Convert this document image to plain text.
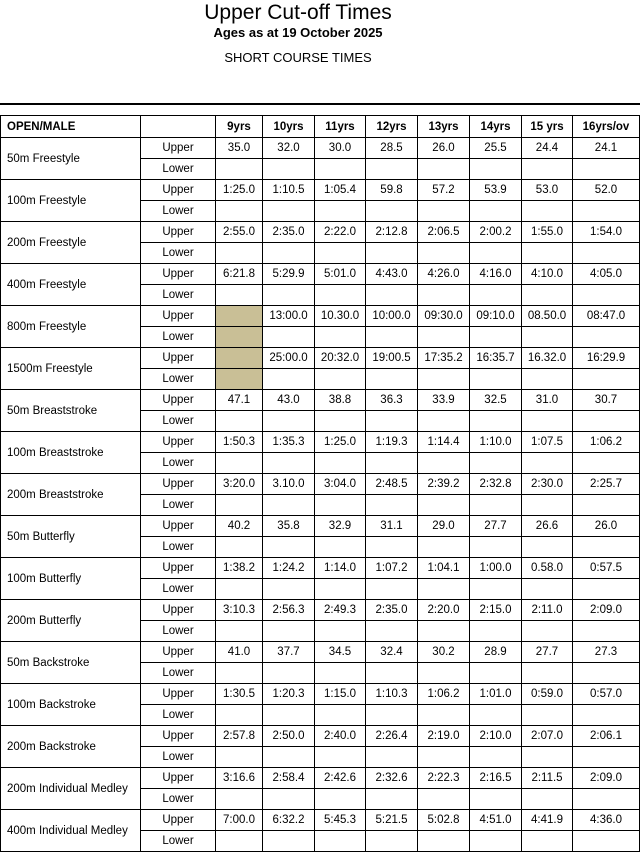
Upper Cut-off Times
Ages as at 19 October 2025
SHORT COURSE TIMES
OPEN/MALE		9yrs	10yrs	11yrs	12yrs	13yrs	14yrs	15 yrs	16yrs/ov
50m Freestyle	Upper	35.0	32.0	30.0	28.5	26.0	25.5	24.4	24.1
	Lower								
100m Freestyle	Upper	1:25.0	1:10.5	1:05.4	59.8	57.2	53.9	53.0	52.0
	Lower								
200m Freestyle	Upper	2:55.0	2:35.0	2:22.0	2:12.8	2:06.5	2:00.2	1:55.0	1:54.0
	Lower								
400m Freestyle	Upper	6:21.8	5:29.9	5:01.0	4:43.0	4:26.0	4:16.0	4:10.0	4:05.0
	Lower								
800m Freestyle	Upper		13:00.0	10.30.0	10:00.0	09:30.0	09:10.0	08.50.0	08:47.0
	Lower								
1500m Freestyle	Upper		25:00.0	20:32.0	19:00.5	17:35.2	16:35.7	16.32.0	16:29.9
	Lower								
50m Breaststroke	Upper	47.1	43.0	38.8	36.3	33.9	32.5	31.0	30.7
	Lower								
100m Breaststroke	Upper	1:50.3	1:35.3	1:25.0	1:19.3	1:14.4	1:10.0	1:07.5	1:06.2
	Lower								
200m Breaststroke	Upper	3:20.0	3.10.0	3:04.0	2:48.5	2:39.2	2:32.8	2:30.0	2:25.7
	Lower								
50m Butterfly	Upper	40.2	35.8	32.9	31.1	29.0	27.7	26.6	26.0
	Lower								
100m Butterfly	Upper	1:38.2	1:24.2	1:14.0	1:07.2	1:04.1	1:00.0	0.58.0	0:57.5
	Lower								
200m Butterfly	Upper	3:10.3	2:56.3	2:49.3	2:35.0	2:20.0	2:15.0	2:11.0	2:09.0
	Lower								
50m Backstroke	Upper	41.0	37.7	34.5	32.4	30.2	28.9	27.7	27.3
	Lower								
100m Backstroke	Upper	1:30.5	1:20.3	1:15.0	1:10.3	1:06.2	1:01.0	0:59.0	0:57.0
	Lower								
200m Backstroke	Upper	2:57.8	2:50.0	2:40.0	2:26.4	2:19.0	2:10.0	2:07.0	2:06.1
	Lower								
200m Individual Medley	Upper	3:16.6	2:58.4	2:42.6	2:32.6	2:22.3	2:16.5	2:11.5	2:09.0
	Lower								
400m Individual Medley	Upper	7:00.0	6:32.2	5:45.3	5:21.5	5:02.8	4:51.0	4:41.9	4:36.0
	Lower								
